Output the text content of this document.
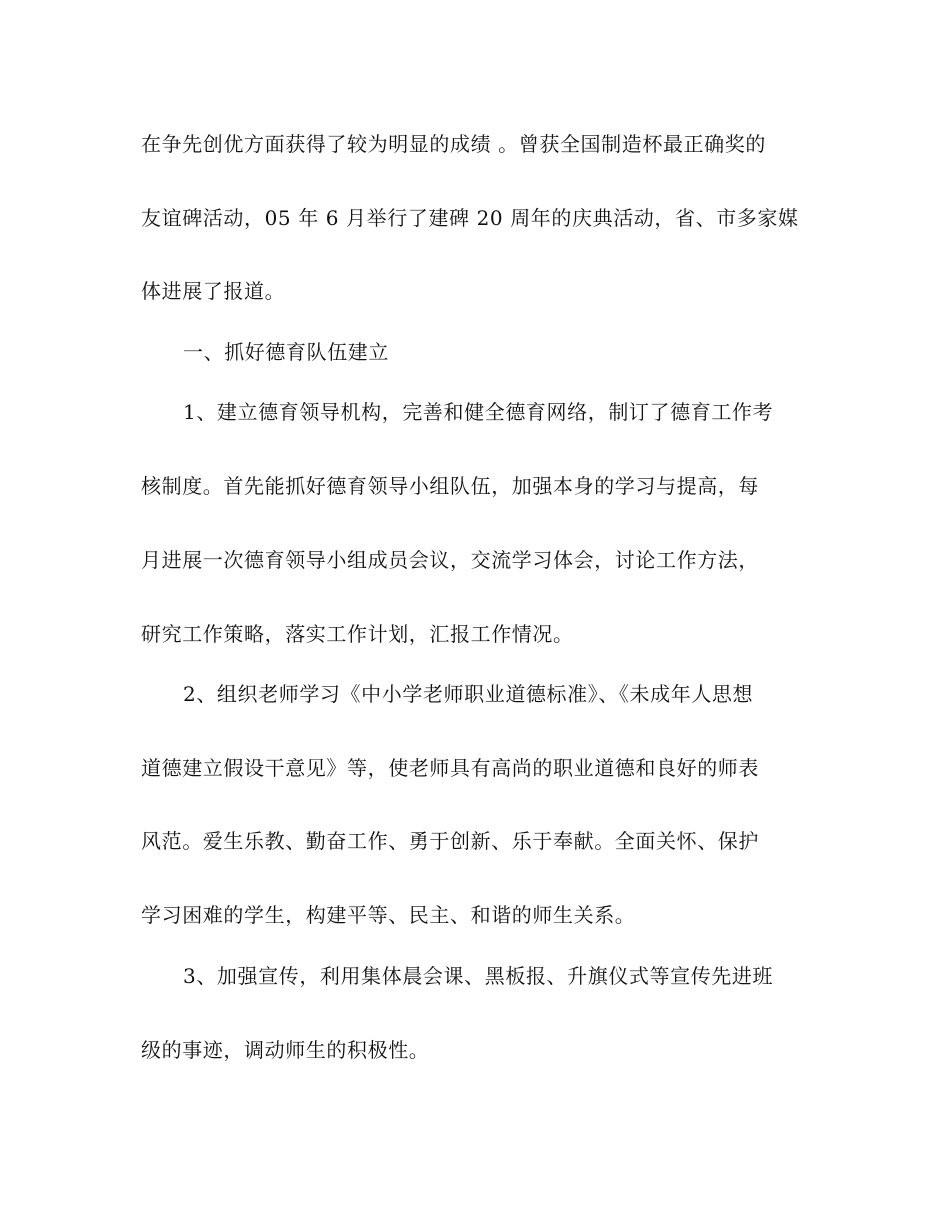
在争先创优方面获得了较为明显的成绩 。曾获全国制造杯最正确奖的
友谊碑活动，05 年 6 月举行了建碑 20 周年的庆典活动，省、市多家媒
体进展了报道。
一、抓好德育队伍建立
1、建立德育领导机构，完善和健全德育网络，制订了德育工作考
核制度。首先能抓好德育领导小组队伍，加强本身的学习与提高，每
月进展一次德育领导小组成员会议，交流学习体会，讨论工作方法，
研究工作策略，落实工作计划，汇报工作情况。
2、组织老师学习《中小学老师职业道德标准》、《未成年人思想
道德建立假设干意见》等，使老师具有高尚的职业道德和良好的师表
风范。爱生乐教、勤奋工作、勇于创新、乐于奉献。全面关怀、保护
学习困难的学生，构建平等、民主、和谐的师生关系。
3、加强宣传，利用集体晨会课、黑板报、升旗仪式等宣传先进班
级的事迹，调动师生的积极性。
